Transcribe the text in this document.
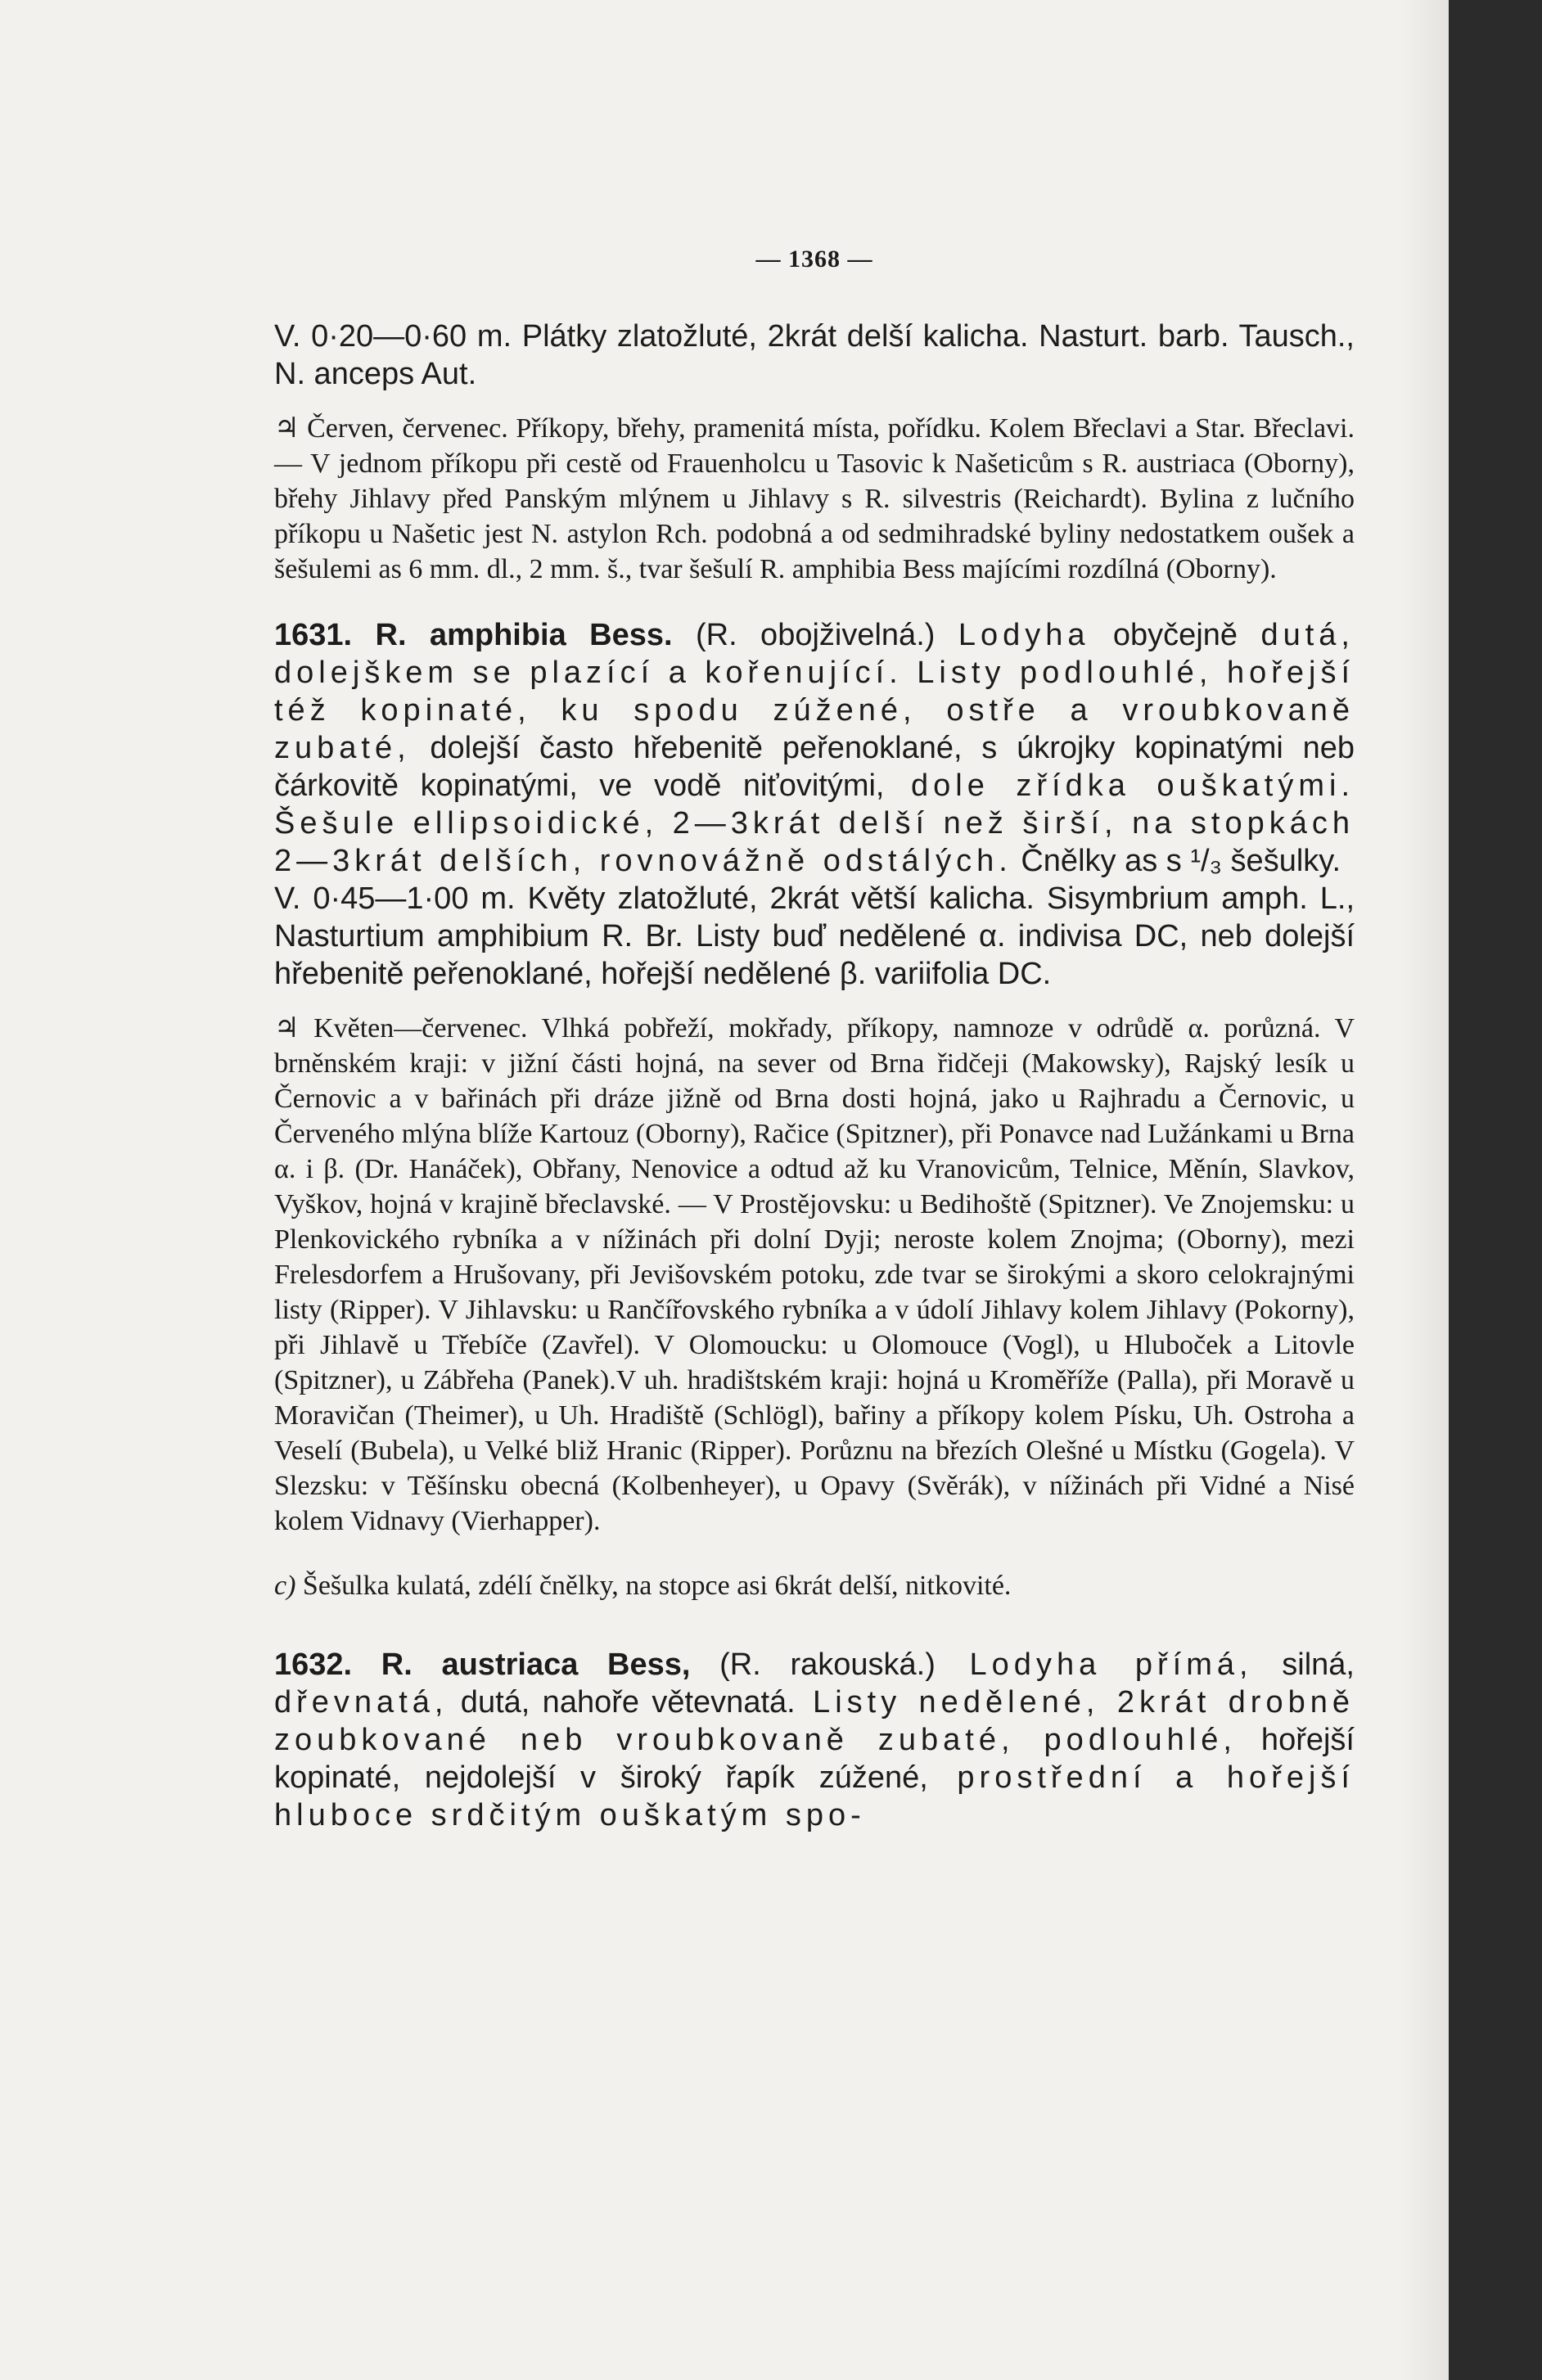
— 1368 —

V. 0·20—0·60 m. Plátky zlatožluté, 2krát delší kalicha. Nasturt. barb. Tausch., N. anceps Aut.

♃ Červen, červenec. Příkopy, břehy, pramenitá místa, pořídku. Kolem Břeclavi a Star. Břeclavi. — V jednom příkopu při cestě od Frauenholcu u Tasovic k Našeticům s R. austriaca (Oborny), břehy Jihlavy před Panským mlýnem u Jihlavy s R. silvestris (Reichardt). Bylina z lučního příkopu u Našetic jest N. astylon Rch. podobná a od sedmihradské byliny nedostatkem oušek a šešulemi as 6 mm. dl., 2 mm. š., tvar šešulí R. amphibia Bess majícími rozdílná (Oborny).

1631. R. amphibia Bess. (R. obojživelná.) Lodyha obyčejně dutá, dolejškem se plazící a kořenující. Listy podlouhlé, hořejší též kopinaté, ku spodu zúžené, ostře a vroubkovaně zubaté, dolejší často hřebenitě peřenoklané, s úkrojky kopinatými neb čárkovitě kopinatými, ve vodě niťovitými, dole zřídka ouškatými. Šešule ellipsoidické, 2—3krát delší než širší, na stopkách 2—3krát delších, rovnovážně odstálých. Čnělky as s ¹/₃ šešulky.

V. 0·45—1·00 m. Květy zlatožluté, 2krát větší kalicha. Sisymbrium amph. L., Nasturtium amphibium R. Br. Listy buď nedělené α. indivisa DC, neb dolejší hřebenitě peřenoklané, hořejší nedělené β. variifolia DC.

♃ Květen—červenec. Vlhká pobřeží, mokřady, příkopy, namnoze v odrůdě α. porůzná. V brněnském kraji: v jižní části hojná, na sever od Brna řidčeji (Makowsky), Rajský lesík u Černovic a v bařinách při dráze jižně od Brna dosti hojná, jako u Rajhradu a Černovic, u Červeného mlýna blíže Kartouz (Oborny), Račice (Spitzner), při Ponavce nad Lužánkami u Brna α. i β. (Dr. Hanáček), Obřany, Nenovice a odtud až ku Vranovicům, Telnice, Měnín, Slavkov, Vyškov, hojná v krajině břeclavské. — V Prostějovsku: u Bedihoště (Spitzner). Ve Znojemsku: u Plenkovického rybníka a v nížinách při dolní Dyji; neroste kolem Znojma; (Oborny), mezi Frelesdorfem a Hrušovany, při Jevišovském potoku, zde tvar se širokými a skoro celokrajnými listy (Ripper). V Jihlavsku: u Rančířovského rybníka a v údolí Jihlavy kolem Jihlavy (Pokorny), při Jihlavě u Třebíče (Zavřel). V Olomoucku: u Olomouce (Vogl), u Hluboček a Litovle (Spitzner), u Zábřeha (Panek).V uh. hradištském kraji: hojná u Kroměříže (Palla), při Moravě u Moravičan (Theimer), u Uh. Hradiště (Schlögl), bařiny a příkopy kolem Písku, Uh. Ostroha a Veselí (Bubela), u Velké bliž Hranic (Ripper). Porůznu na březích Olešné u Místku (Gogela). V Slezsku: v Těšínsku obecná (Kolbenheyer), u Opavy (Svěrák), v nížinách při Vidné a Nisé kolem Vidnavy (Vierhapper).

c) Šešulka kulatá, zdélí čnělky, na stopce asi 6krát delší, nitkovité.

1632. R. austriaca Bess, (R. rakouská.) Lodyha přímá, silná, dřevnatá, dutá, nahoře větevnatá. Listy nedělené, 2krát drobně zoubkované neb vroubkovaně zubaté, podlouhlé, hořejší kopinaté, nejdolejší v široký řapík zúžené, prostřední a hořejší hluboce srdčitým ouškatým spo-
